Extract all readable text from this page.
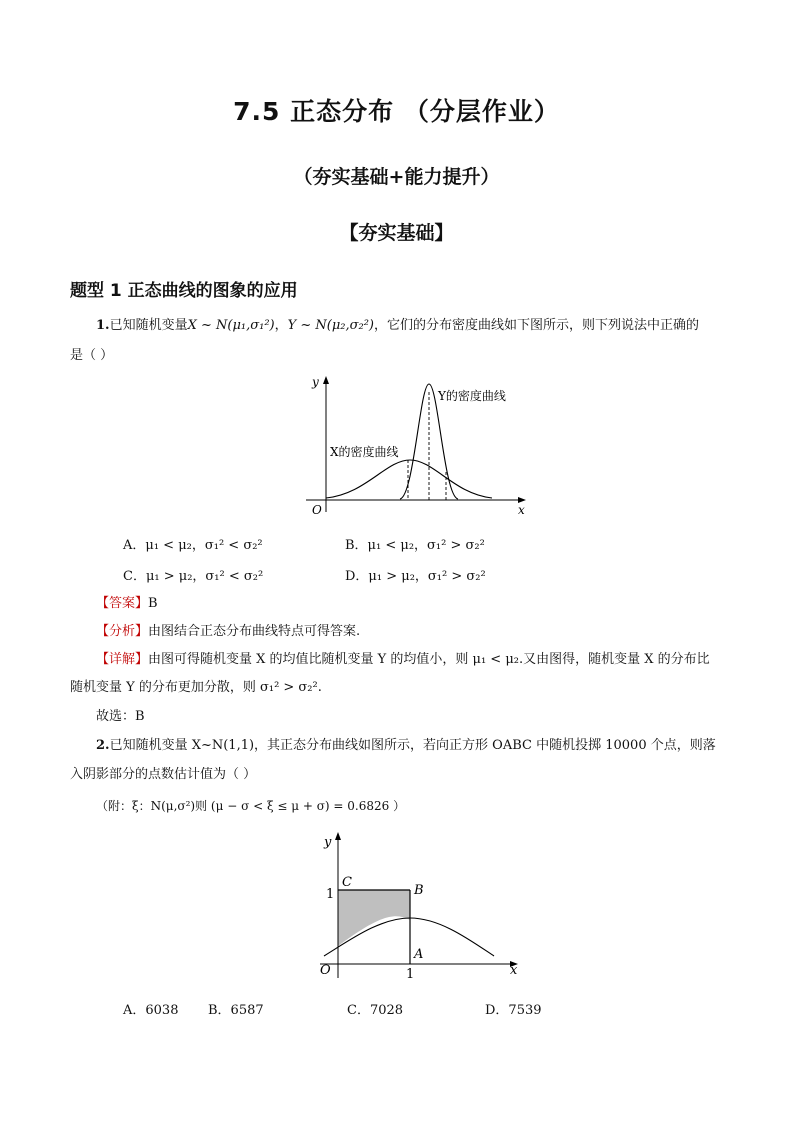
7.5 正态分布 （分层作业）
（夯实基础+能力提升）
【夯实基础】
题型 1 正态曲线的图象的应用
1.已知随机变量X ~ N(μ₁,σ₁²)，Y ~ N(μ₂,σ₂²)，它们的分布密度曲线如下图所示，则下列说法中正确的
是（ ）
y
x
O
Y的密度曲线
X的密度曲线
A．μ₁ < μ₂，σ₁² < σ₂²	B．μ₁ < μ₂，σ₁² > σ₂²
C．μ₁ > μ₂，σ₁² < σ₂²	D．μ₁ > μ₂，σ₁² > σ₂²
【答案】B
【分析】由图结合正态分布曲线特点可得答案.
【详解】由图可得随机变量 X 的均值比随机变量 Y 的均值小，则 μ₁ < μ₂.又由图得，随机变量 X 的分布比
随机变量 Y 的分布更加分散，则 σ₁² > σ₂².
故选：B
2.已知随机变量 X~N(1,1)，其正态分布曲线如图所示，若向正方形 OABC 中随机投掷 10000 个点，则落
入阴影部分的点数估计值为（ ）
（附：ξ：N(μ,σ²)则 (μ − σ < ξ ≤ μ + σ) = 0.6826 ）
y
x
O
1
1
C
B
A
A．6038 B．6587	C．7028	D．7539
